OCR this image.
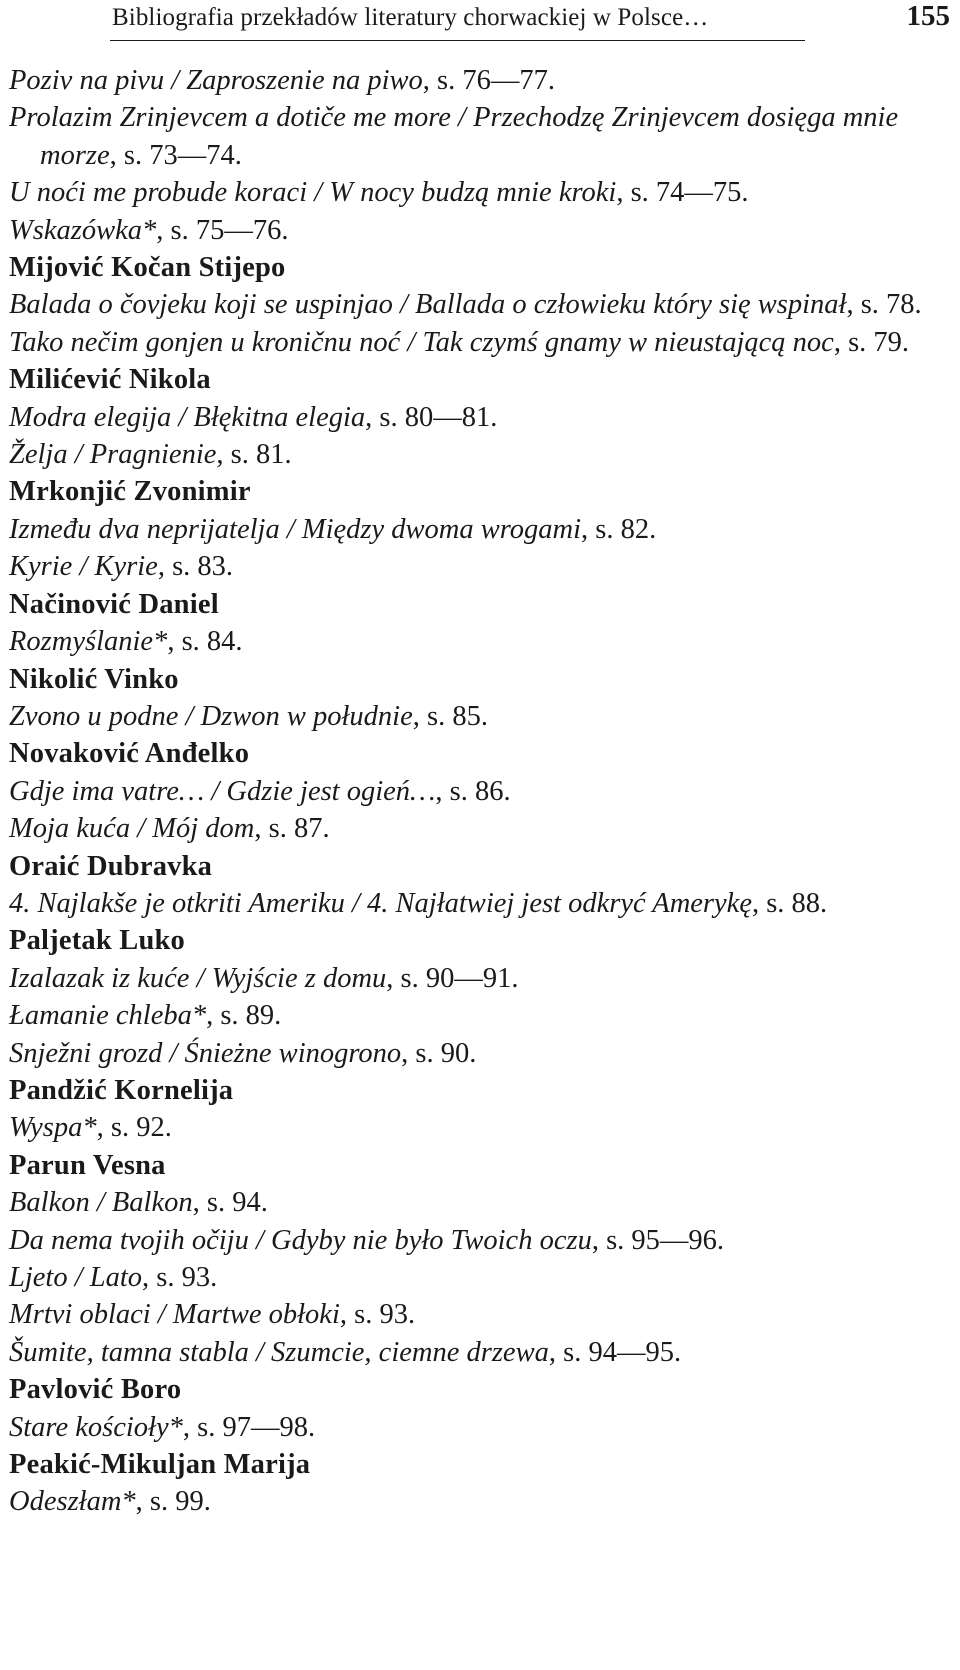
Bibliografia przekładów literatury chorwackiej w Polsce…	155
Poziv na pivu / Zaproszenie na piwo, s. 76—77.
Prolazim Zrinjevcem a dotiče me more / Przechodzę Zrinjevcem dosięga mnie morze, s. 73—74.
U noći me probude koraci / W nocy budzą mnie kroki, s. 74—75.
Wskazówka*, s. 75—76.
Mijović Kočan Stijepo
Balada o čovjeku koji se uspinjao / Ballada o człowieku który się wspinał, s. 78.
Tako nečim gonjen u kroničnu noć / Tak czymś gnamy w nieustającą noc, s. 79.
Milićević Nikola
Modra elegija / Błękitna elegia, s. 80—81.
Želja / Pragnienie, s. 81.
Mrkonjić Zvonimir
Između dva neprijatelja / Między dwoma wrogami, s. 82.
Kyrie / Kyrie, s. 83.
Načinović Daniel
Rozmyślanie*, s. 84.
Nikolić Vinko
Zvono u podne / Dzwon w południe, s. 85.
Novaković Anđelko
Gdje ima vatre… / Gdzie jest ogień…, s. 86.
Moja kuća / Mój dom, s. 87.
Oraić Dubravka
4. Najlakše je otkriti Ameriku / 4. Najłatwiej jest odkryć Amerykę, s. 88.
Paljetak Luko
Izalazak iz kuće / Wyjście z domu, s. 90—91.
Łamanie chleba*, s. 89.
Snježni grozd / Śnieżne winogrono, s. 90.
Pandžić Kornelija
Wyspa*, s. 92.
Parun Vesna
Balkon / Balkon, s. 94.
Da nema tvojih očiju / Gdyby nie było Twoich oczu, s. 95—96.
Ljeto / Lato, s. 93.
Mrtvi oblaci / Martwe obłoki, s. 93.
Šumite, tamna stabla / Szumcie, ciemne drzewa, s. 94—95.
Pavlović Boro
Stare kościoły*, s. 97—98.
Peakić-Mikuljan Marija
Odeszłam*, s. 99.
